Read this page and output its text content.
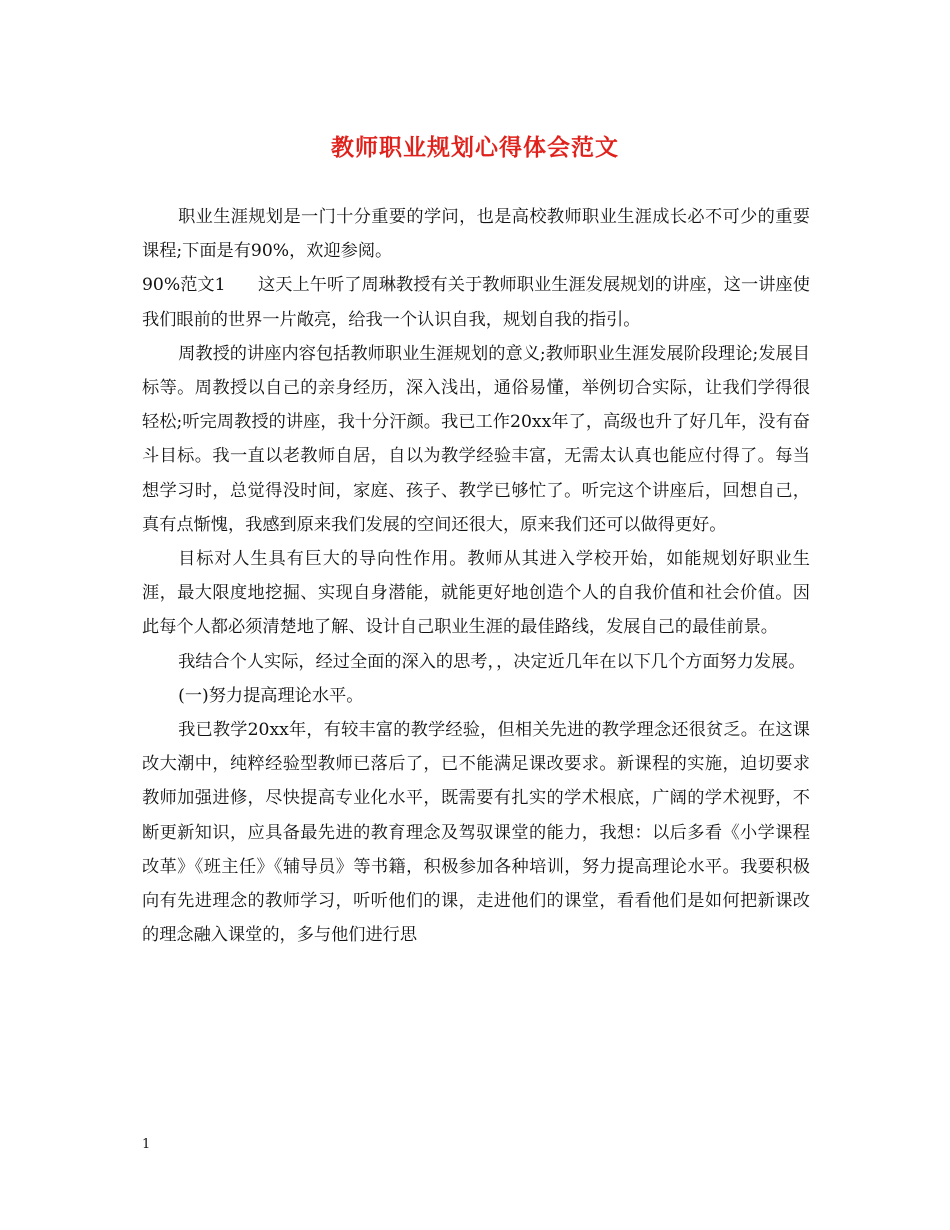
教师职业规划心得体会范文

职业生涯规划是一门十分重要的学问，也是高校教师职业生涯成长必不可少的重要课程;下面是有90%，欢迎参阅。

90%范文1 这天上午听了周琳教授有关于教师职业生涯发展规划的讲座，这一讲座使我们眼前的世界一片敞亮，给我一个认识自我，规划自我的指引。

周教授的讲座内容包括教师职业生涯规划的意义;教师职业生涯发展阶段理论;发展目标等。周教授以自己的亲身经历，深入浅出，通俗易懂，举例切合实际，让我们学得很轻松;听完周教授的讲座，我十分汗颜。我已工作20xx年了，高级也升了好几年，没有奋斗目标。我一直以老教师自居，自以为教学经验丰富，无需太认真也能应付得了。每当想学习时，总觉得没时间，家庭、孩子、教学已够忙了。听完这个讲座后，回想自己，真有点惭愧，我感到原来我们发展的空间还很大，原来我们还可以做得更好。

目标对人生具有巨大的导向性作用。教师从其进入学校开始，如能规划好职业生涯，最大限度地挖掘、实现自身潜能，就能更好地创造个人的自我价值和社会价值。因此每个人都必须清楚地了解、设计自己职业生涯的最佳路线，发展自己的最佳前景。

我结合个人实际，经过全面的深入的思考，，决定近几年在以下几个方面努力发展。

(一)努力提高理论水平。

我已教学20xx年，有较丰富的教学经验，但相关先进的教学理念还很贫乏。在这课改大潮中，纯粹经验型教师已落后了，已不能满足课改要求。新课程的实施，迫切要求教师加强进修，尽快提高专业化水平，既需要有扎实的学术根底，广阔的学术视野，不断更新知识，应具备最先进的教育理念及驾驭课堂的能力，我想：以后多看《小学课程改革》《班主任》《辅导员》等书籍，积极参加各种培训，努力提高理论水平。我要积极向有先进理念的教师学习，听听他们的课，走进他们的课堂，看看他们是如何把新课改的理念融入课堂的，多与他们进行思

1
